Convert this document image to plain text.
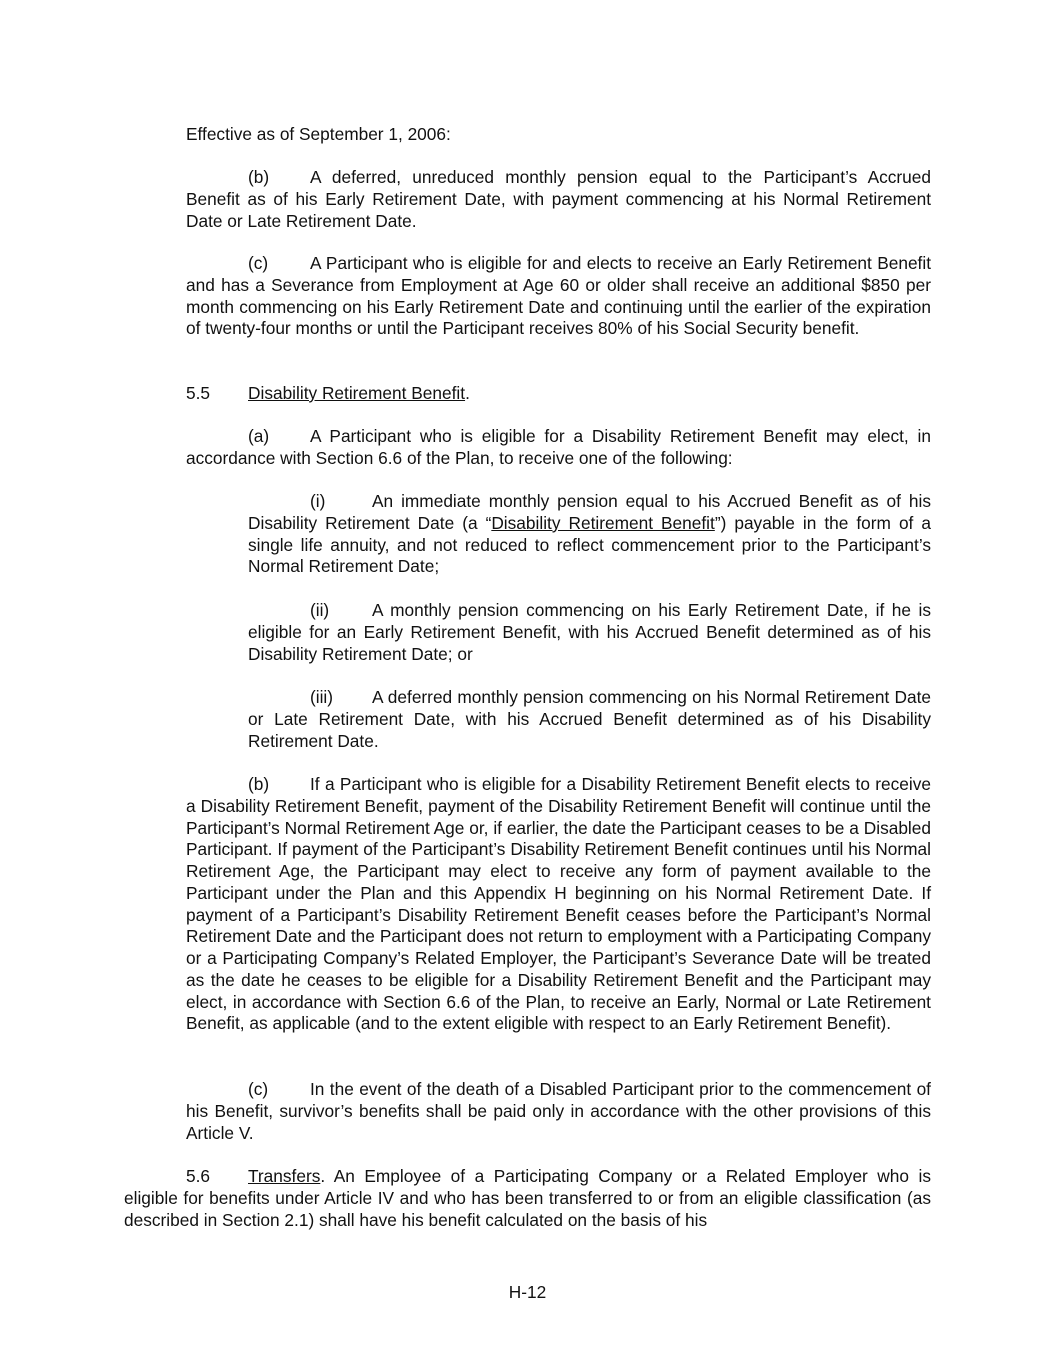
Effective as of September 1, 2006:

(b) A deferred, unreduced monthly pension equal to the Participant’s Accrued Benefit as of his Early Retirement Date, with payment commencing at his Normal Retirement Date or Late Retirement Date.

(c) A Participant who is eligible for and elects to receive an Early Retirement Benefit and has a Severance from Employment at Age 60 or older shall receive an additional $850 per month commencing on his Early Retirement Date and continuing until the earlier of the expiration of twenty-four months or until the Participant receives 80% of his Social Security benefit.

5.5 Disability Retirement Benefit.

(a) A Participant who is eligible for a Disability Retirement Benefit may elect, in accordance with Section 6.6 of the Plan, to receive one of the following:

(i)	An immediate monthly pension equal to his Accrued Benefit as of his Disability Retirement Date (a “Disability Retirement Benefit”) payable in the form of a single life annuity, and not reduced to reflect commencement prior to the Participant’s Normal Retirement Date;

(ii) A monthly pension commencing on his Early Retirement Date, if he is eligible for an Early Retirement Benefit, with his Accrued Benefit determined as of his Disability Retirement Date; or

(iii) A deferred monthly pension commencing on his Normal Retirement Date or Late Retirement Date, with his Accrued Benefit determined as of his Disability Retirement Date.

(b) If a Participant who is eligible for a Disability Retirement Benefit elects to receive a Disability Retirement Benefit, payment of the Disability Retirement Benefit will continue until the Participant’s Normal Retirement Age or, if earlier, the date the Participant ceases to be a Disabled Participant. If payment of the Participant’s Disability Retirement Benefit continues until his Normal Retirement Age, the Participant may elect to receive any form of payment available to the Participant under the Plan and this Appendix H beginning on his Normal Retirement Date. If payment of a Participant’s Disability Retirement Benefit ceases before the Participant’s Normal Retirement Date and the Participant does not return to employment with a Participating Company or a Participating Company’s Related Employer, the Participant’s Severance Date will be treated as the date he ceases to be eligible for a Disability Retirement Benefit and the Participant may elect, in accordance with Section 6.6 of the Plan, to receive an Early, Normal or Late Retirement Benefit, as applicable (and to the extent eligible with respect to an Early Retirement Benefit).

(c) In the event of the death of a Disabled Participant prior to the commencement of his Benefit, survivor’s benefits shall be paid only in accordance with the other provisions of this Article V.

5.6 Transfers. An Employee of a Participating Company or a Related Employer who is eligible for benefits under Article IV and who has been transferred to or from an eligible classification (as described in Section 2.1) shall have his benefit calculated on the basis of his

H-12
